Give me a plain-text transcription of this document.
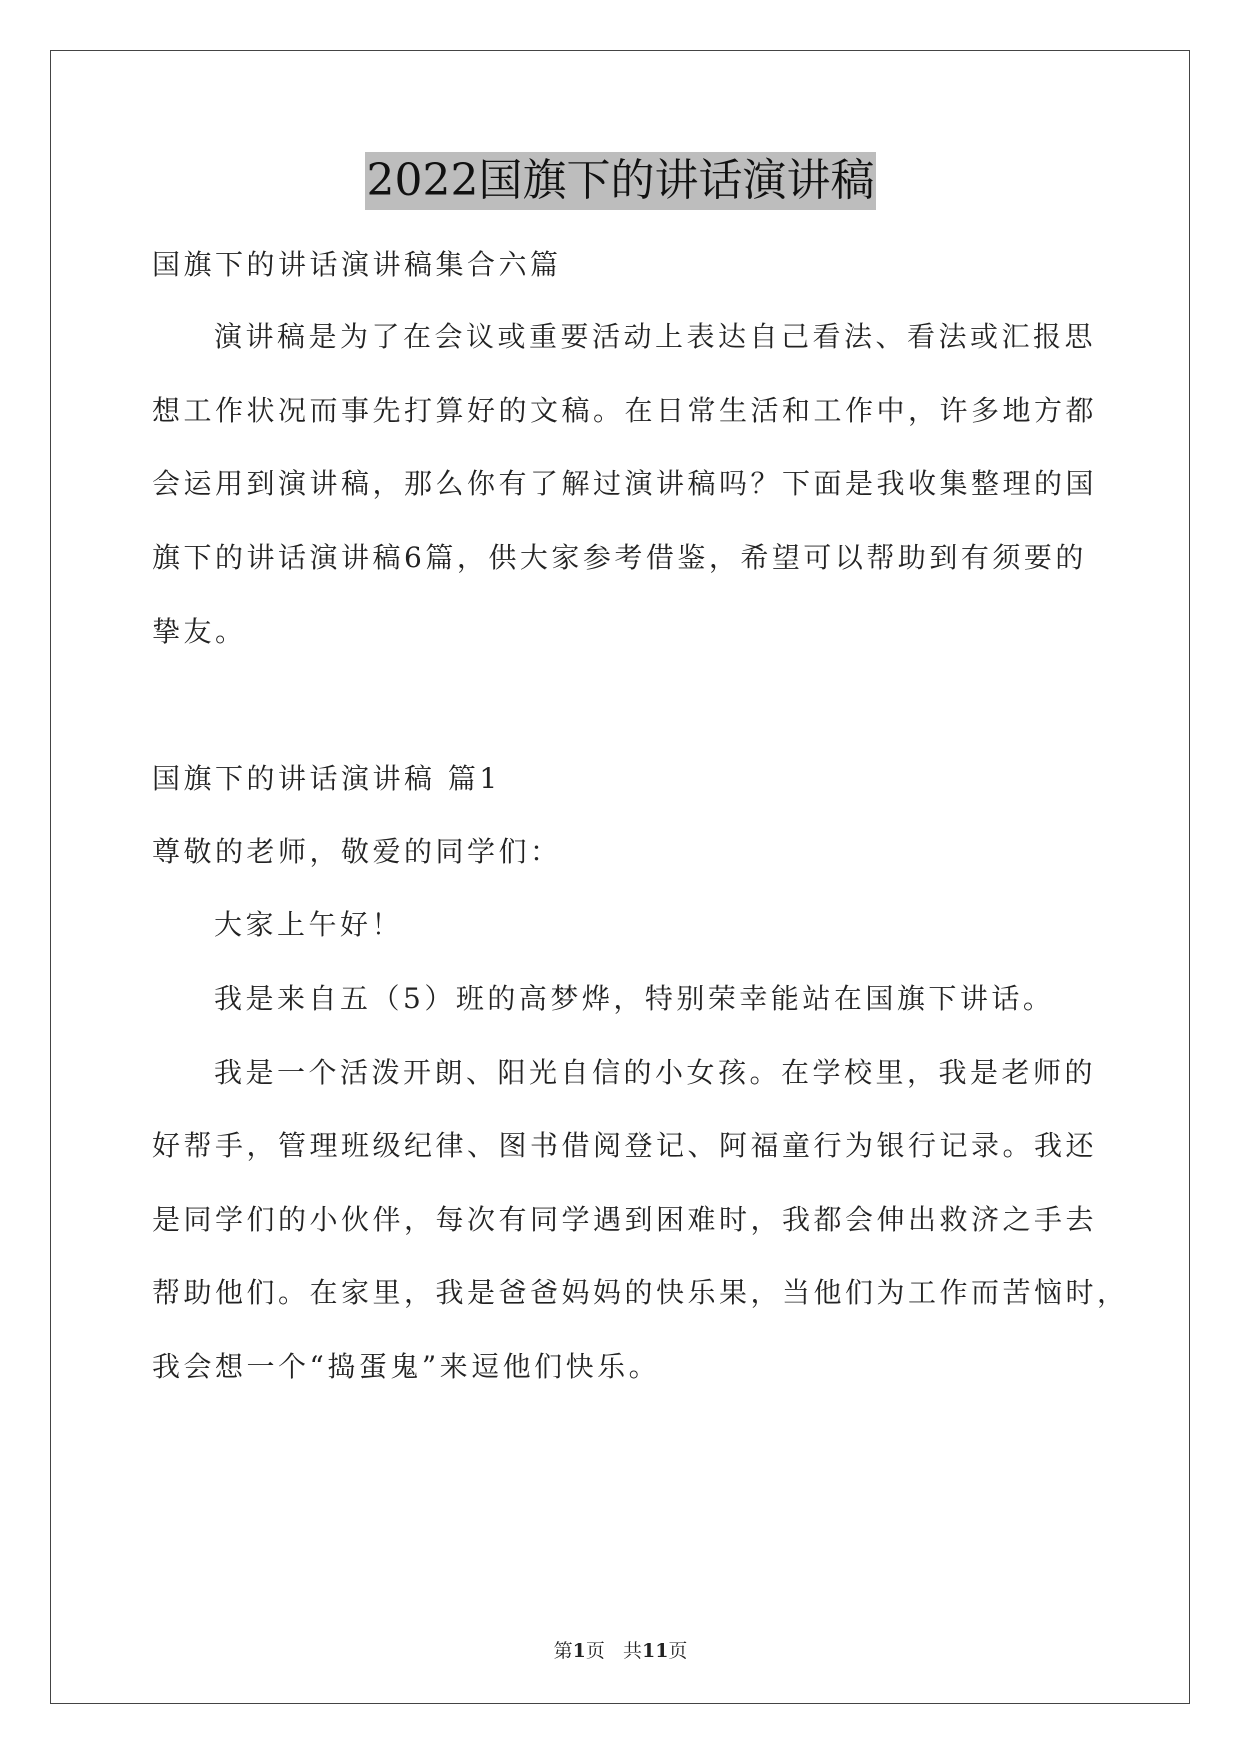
2022国旗下的讲话演讲稿
国旗下的讲话演讲稿集合六篇
演讲稿是为了在会议或重要活动上表达自己看法、看法或汇报思
想工作状况而事先打算好的文稿。在日常生活和工作中，许多地方都
会运用到演讲稿，那么你有了解过演讲稿吗？下面是我收集整理的国
旗下的讲话演讲稿6篇，供大家参考借鉴，希望可以帮助到有须要的
挚友。
国旗下的讲话演讲稿 篇1
尊敬的老师，敬爱的同学们：
大家上午好！
我是来自五（5）班的高梦烨，特别荣幸能站在国旗下讲话。
我是一个活泼开朗、阳光自信的小女孩。在学校里，我是老师的
好帮手，管理班级纪律、图书借阅登记、阿福童行为银行记录。我还
是同学们的小伙伴，每次有同学遇到困难时，我都会伸出救济之手去
帮助他们。在家里，我是爸爸妈妈的快乐果，当他们为工作而苦恼时，
我会想一个“捣蛋鬼”来逗他们快乐。
第1页 共11页
